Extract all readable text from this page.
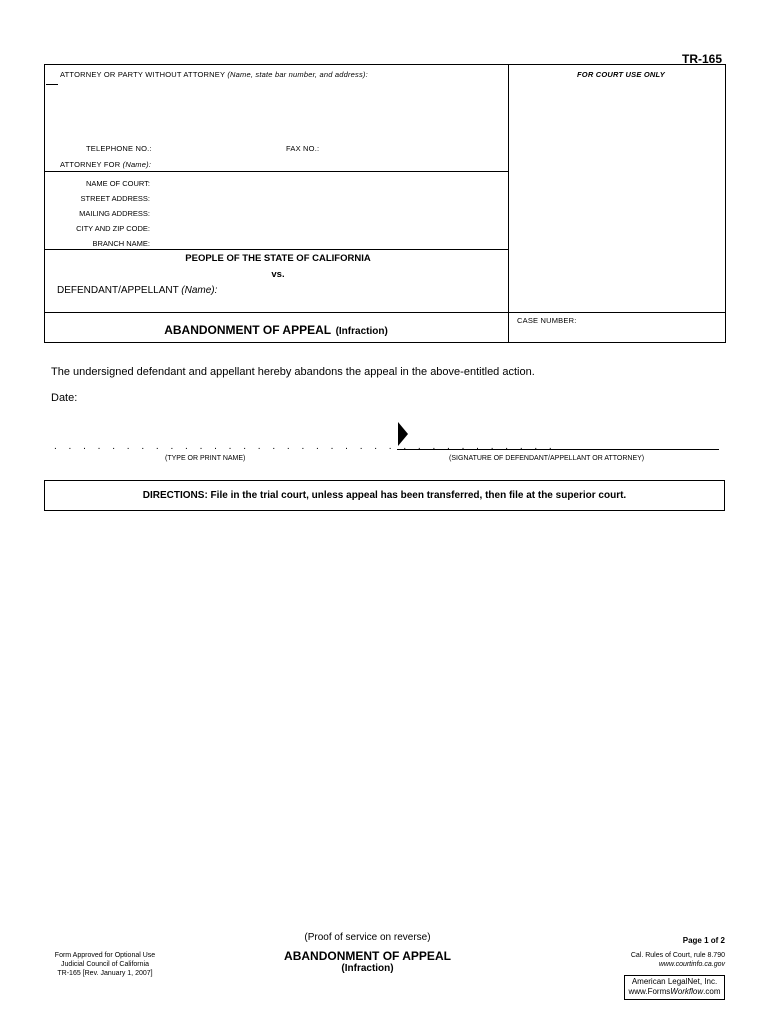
TR-165
ATTORNEY OR PARTY WITHOUT ATTORNEY (Name, state bar number, and address):	FOR COURT USE ONLY
TELEPHONE NO.:	FAX NO.:
ATTORNEY FOR (Name):
NAME OF COURT:
STREET ADDRESS:
MAILING ADDRESS:
CITY AND ZIP CODE:
BRANCH NAME:
PEOPLE OF THE STATE OF CALIFORNIA
vs.
DEFENDANT/APPELLANT (Name):
ABANDONMENT OF APPEAL (Infraction)
CASE NUMBER:
The undersigned defendant and appellant hereby abandons the appeal in the above-entitled action.
Date:
. . . . . . . . . . . . . . . . . . . . . . . . . . . . . . . . . . .
(TYPE OR PRINT NAME)	(SIGNATURE OF DEFENDANT/APPELLANT OR ATTORNEY)
DIRECTIONS: File in the trial court, unless appeal has been transferred, then file at the superior court.
(Proof of service on reverse)	Page 1 of 2
Form Approved for Optional Use
Judicial Council of California
TR-165 [Rev. January 1, 2007]
ABANDONMENT OF APPEAL
(Infraction)
Cal. Rules of Court, rule 8.790
www.courtinfo.ca.gov
American LegalNet, Inc.
www.FormsWorkflow.com
